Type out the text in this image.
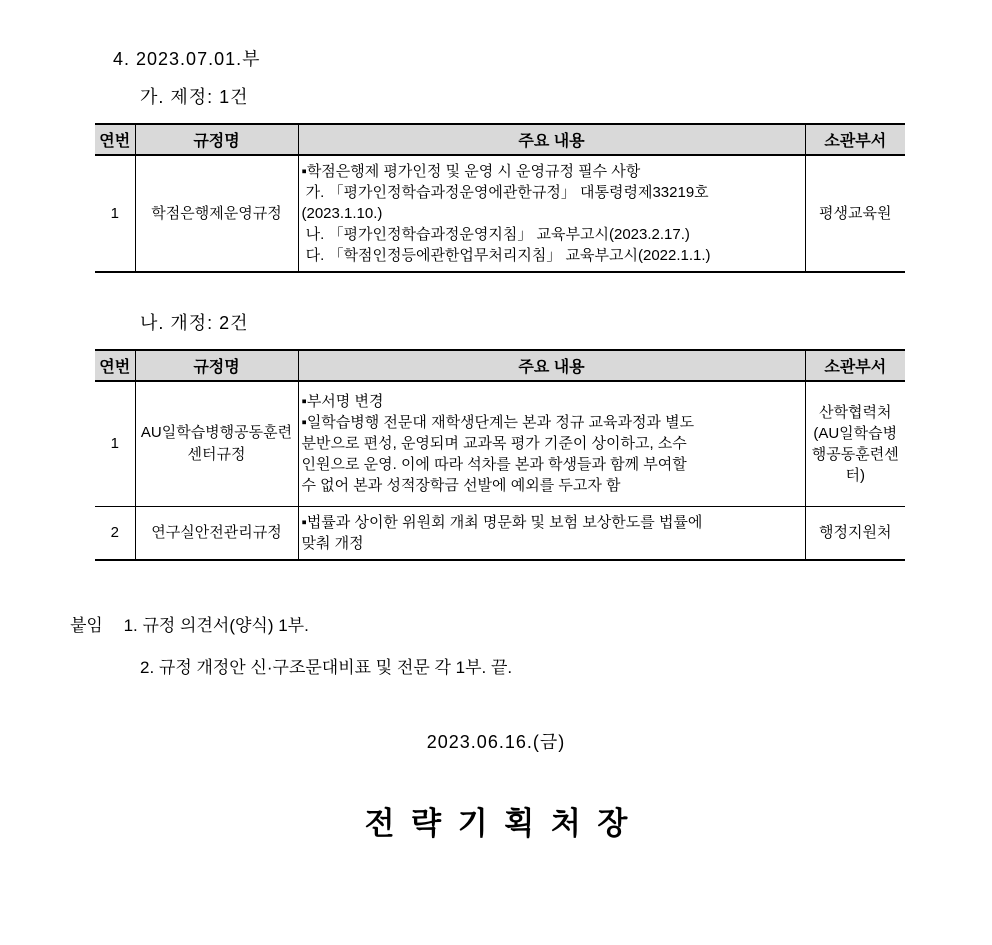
4. 2023.07.01.부
가. 제정: 1건
연번	규정명	주요 내용	소관부서
1	학점은행제운영규정	▪학점은행제 평가인정 및 운영 시 운영규정 필수 사항
가. 「평가인정학습과정운영에관한규정」 대통령령제33219호
(2023.1.10.)
나. 「평가인정학습과정운영지침」 교육부고시(2023.2.17.)
다. 「학점인정등에관한업무처리지침」 교육부고시(2022.1.1.)	평생교육원
나. 개정: 2건
연번	규정명	주요 내용	소관부서
1	AU일학습병행공동훈련센터규정	▪부서명 변경
▪일학습병행 전문대 재학생단계는 본과 정규 교육과정과 별도
분반으로 편성, 운영되며 교과목 평가 기준이 상이하고, 소수
인원으로 운영. 이에 따라 석차를 본과 학생들과 함께 부여할
수 없어 본과 성적장학금 선발에 예외를 두고자 함	산학협력처(AU일학습병행공동훈련센터)
2	연구실안전관리규정	▪법률과 상이한 위원회 개최 명문화 및 보험 보상한도를 법률에
맞춰 개정	행정지원처
붙임 1. 규정 의견서(양식) 1부.
2. 규정 개정안 신·구조문대비표 및 전문 각 1부. 끝.
2023.06.16.(금)
전 략 기 획 처 장
